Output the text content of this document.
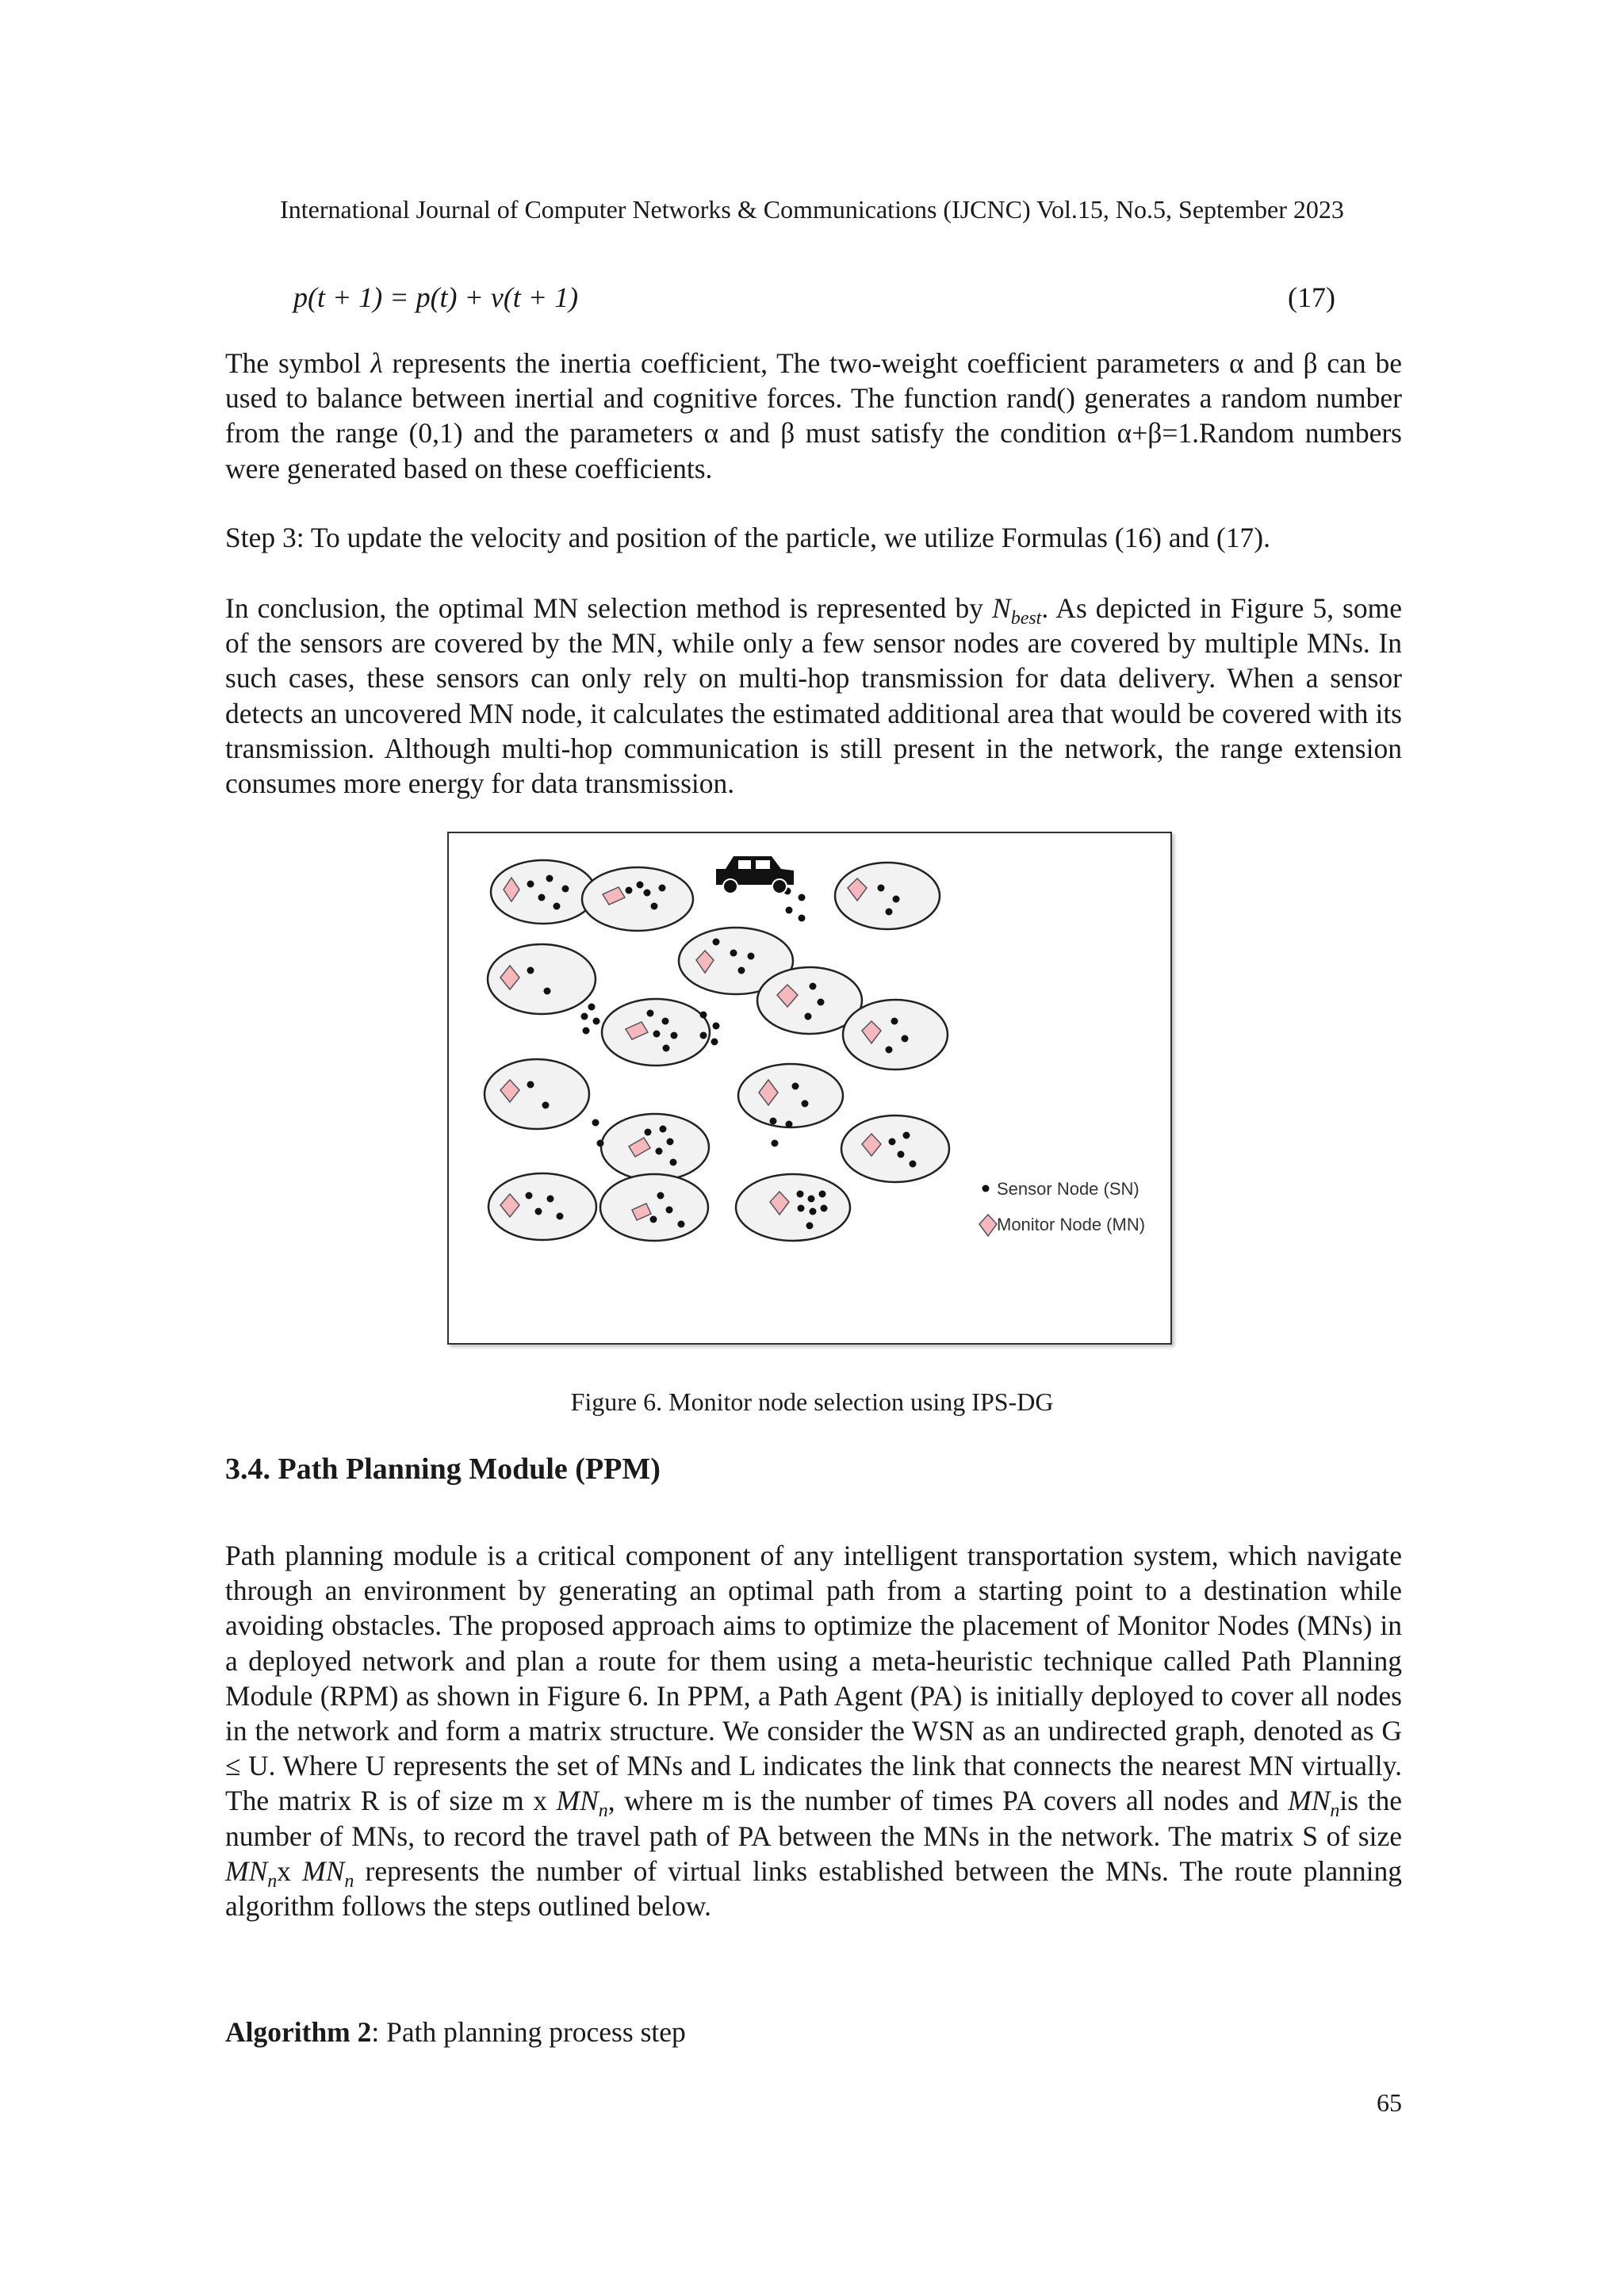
International Journal of Computer Networks & Communications (IJCNC) Vol.15, No.5, September 2023
p(t + 1) = p(t) + v(t + 1)	(17)
The symbol λ represents the inertia coefficient, The two-weight coefficient parameters α and β can be used to balance between inertial and cognitive forces. The function rand() generates a random number from the range (0,1) and the parameters α and β must satisfy the condition α+β=1.Random numbers were generated based on these coefficients.
Step 3: To update the velocity and position of the particle, we utilize Formulas (16) and (17).
In conclusion, the optimal MN selection method is represented by $N_{best}$. As depicted in Figure 5, some of the sensors are covered by the MN, while only a few sensor nodes are covered by multiple MNs. In such cases, these sensors can only rely on multi-hop transmission for data delivery. When a sensor detects an uncovered MN node, it calculates the estimated additional area that would be covered with its transmission. Although multi-hop communication is still present in the network, the range extension consumes more energy for data transmission.
Sensor Node (SN)
Monitor Node (MN)
Figure 6. Monitor node selection using IPS-DG
3.4. Path Planning Module (PPM)
Path planning module is a critical component of any intelligent transportation system, which navigate through an environment by generating an optimal path from a starting point to a destination while avoiding obstacles. The proposed approach aims to optimize the placement of Monitor Nodes (MNs) in a deployed network and plan a route for them using a meta-heuristic technique called Path Planning Module (RPM) as shown in Figure 6. In PPM, a Path Agent (PA) is initially deployed to cover all nodes in the network and form a matrix structure. We consider the WSN as an undirected graph, denoted as G ≤ U. Where U represents the set of MNs and L indicates the link that connects the nearest MN virtually. The matrix R is of size m x $MN_n$, where m is the number of times PA covers all nodes and $MN_nis$ the number of MNs, to record the travel path of PA between the MNs in the network. The matrix S of size $MN_nx$ $MN_n$ represents the number of virtual links established between the MNs. The route planning algorithm follows the steps outlined below.
Algorithm 2: Path planning process step
65
